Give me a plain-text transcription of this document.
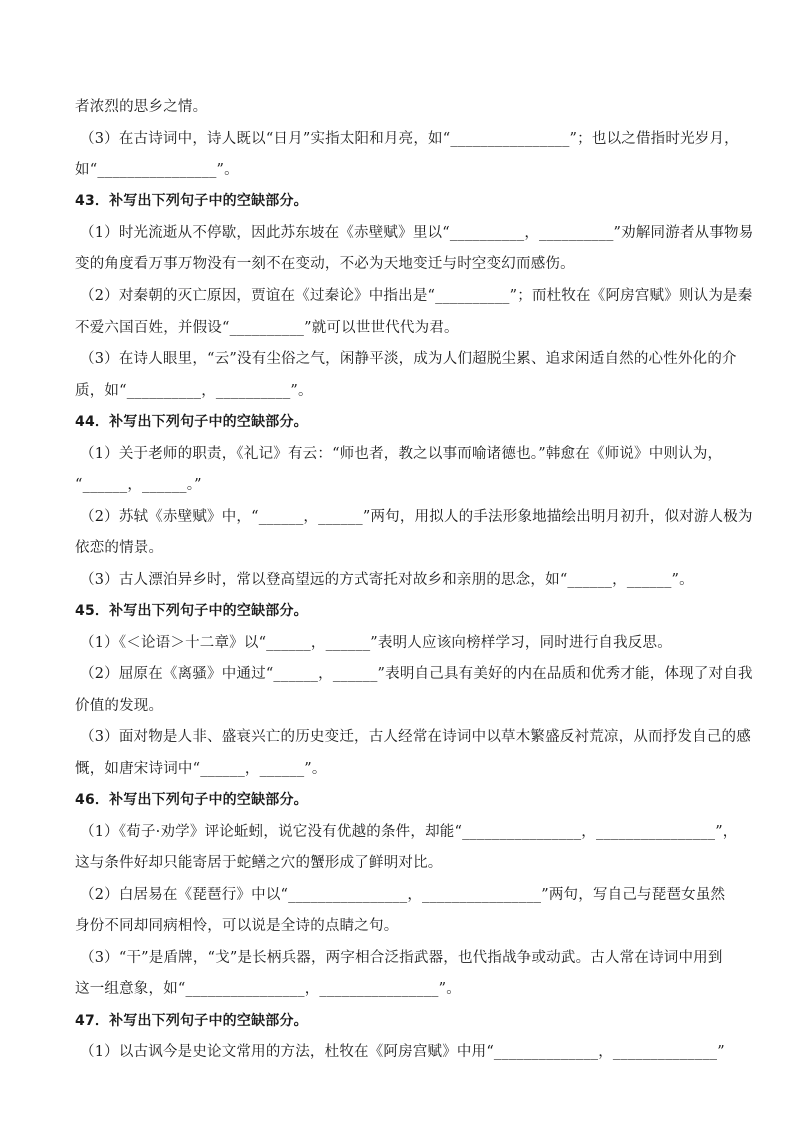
者浓烈的思乡之情。
（3）在古诗词中，诗人既以“日月”实指太阳和月亮，如“________________”；也以之借指时光岁月，
如“________________”。
43．补写出下列句子中的空缺部分。
（1）时光流逝从不停歇，因此苏东坡在《赤壁赋》里以“__________，__________”劝解同游者从事物易
变的角度看万事万物没有一刻不在变动，不必为天地变迁与时空变幻而感伤。
（2）对秦朝的灭亡原因，贾谊在《过秦论》中指出是“__________”；而杜牧在《阿房宫赋》则认为是秦
不爱六国百姓，并假设“__________”就可以世世代代为君。
（3）在诗人眼里，“云”没有尘俗之气，闲静平淡，成为人们超脱尘累、追求闲适自然的心性外化的介
质，如“__________，__________”。
44．补写出下列句子中的空缺部分。
（1）关于老师的职责，《礼记》有云：“师也者，教之以事而喻诸德也。”韩愈在《师说》中则认为，
“______，______。”
（2）苏轼《赤壁赋》中，“______，______”两句，用拟人的手法形象地描绘出明月初升，似对游人极为
依恋的情景。
（3）古人漂泊异乡时，常以登高望远的方式寄托对故乡和亲朋的思念，如“______，______”。
45．补写出下列句子中的空缺部分。
（1）《＜论语＞十二章》以“______，______”表明人应该向榜样学习，同时进行自我反思。
（2）屈原在《离骚》中通过“______，______”表明自己具有美好的内在品质和优秀才能，体现了对自我
价值的发现。
（3）面对物是人非、盛衰兴亡的历史变迁，古人经常在诗词中以草木繁盛反衬荒凉，从而抒发自己的感
慨，如唐宋诗词中“______，______”。
46．补写出下列句子中的空缺部分。
（1）《荀子·劝学》评论蚯蚓，说它没有优越的条件，却能“________________，________________”，
这与条件好却只能寄居于蛇鳝之穴的蟹形成了鲜明对比。
（2）白居易在《琵琶行》中以“________________，________________”两句，写自己与琵琶女虽然
身份不同却同病相怜，可以说是全诗的点睛之句。
（3）“干”是盾牌，“戈”是长柄兵器，两字相合泛指武器，也代指战争或动武。古人常在诗词中用到
这一组意象，如“________________，________________”。
47．补写出下列句子中的空缺部分。
（1）以古讽今是史论文常用的方法，杜牧在《阿房宫赋》中用“______________，______________”
